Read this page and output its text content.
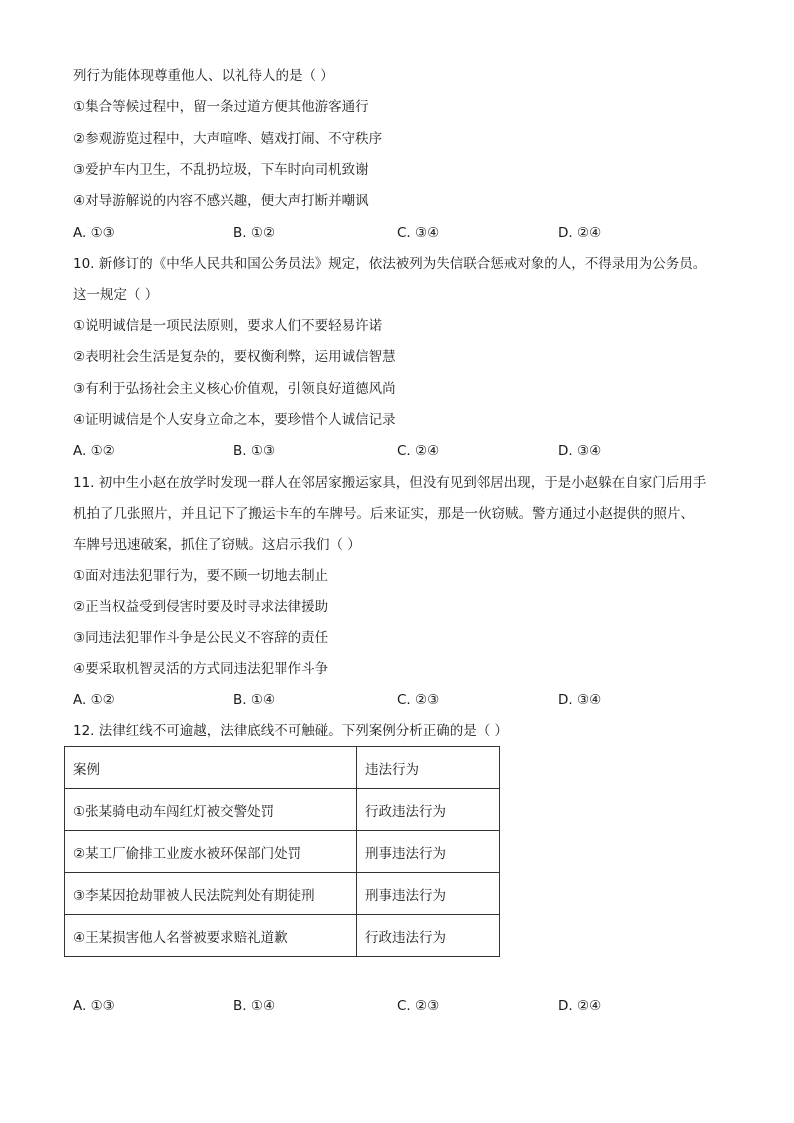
列行为能体现尊重他人、以礼待人的是（ ）
①集合等候过程中，留一条过道方便其他游客通行
②参观游览过程中，大声喧哗、嬉戏打闹、不守秩序
③爱护车内卫生，不乱扔垃圾，下车时向司机致谢
④对导游解说的内容不感兴趣，便大声打断并嘲讽
A. ①③	B. ①②	C. ③④	D. ②④
10. 新修订的《中华人民共和国公务员法》规定，依法被列为失信联合惩戒对象的人，不得录用为公务员。
这一规定（ ）
①说明诚信是一项民法原则，要求人们不要轻易许诺
②表明社会生活是复杂的，要权衡利弊，运用诚信智慧
③有利于弘扬社会主义核心价值观，引领良好道德风尚
④证明诚信是个人安身立命之本，要珍惜个人诚信记录
A. ①②	B. ①③	C. ②④	D. ③④
11. 初中生小赵在放学时发现一群人在邻居家搬运家具，但没有见到邻居出现，于是小赵躲在自家门后用手
机拍了几张照片，并且记下了搬运卡车的车牌号。后来证实，那是一伙窃贼。警方通过小赵提供的照片、
车牌号迅速破案，抓住了窃贼。这启示我们（ ）
①面对违法犯罪行为，要不顾一切地去制止
②正当权益受到侵害时要及时寻求法律援助
③同违法犯罪作斗争是公民义不容辞的责任
④要采取机智灵活的方式同违法犯罪作斗争
A. ①②	B. ①④	C. ②③	D. ③④
12. 法律红线不可逾越，法律底线不可触碰。下列案例分析正确的是（ ）
案例	违法行为
①张某骑电动车闯红灯被交警处罚	行政违法行为
②某工厂偷排工业废水被环保部门处罚	刑事违法行为
③李某因抢劫罪被人民法院判处有期徒刑	刑事违法行为
④王某损害他人名誉被要求赔礼道歉	行政违法行为
A. ①③	B. ①④	C. ②③	D. ②④
